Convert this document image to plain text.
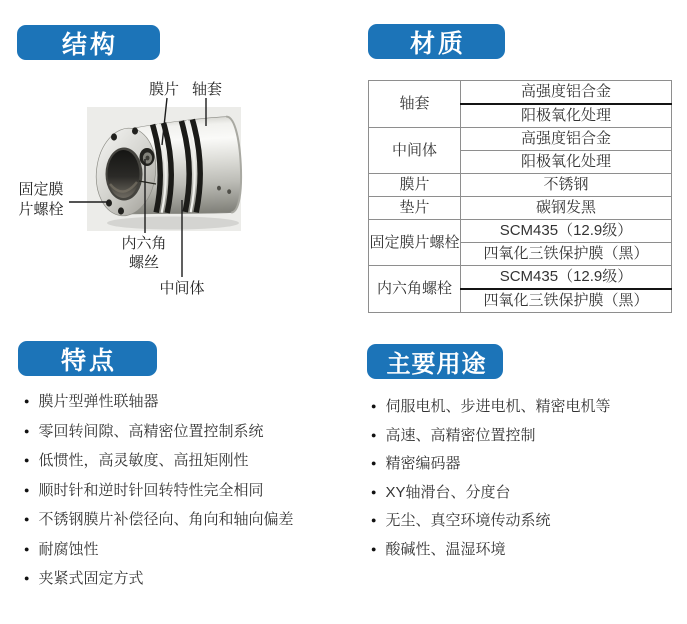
结构	材质
特点	主要用途
膜片 轴套
固定膜
片螺栓
内六角
螺丝
中间体
轴套	高强度铝合金
	阳极氧化处理
中间体	高强度铝合金
	阳极氧化处理
膜片	不锈钢
垫片	碳钢发黑
固定膜片螺栓	SCM435（12.9级）
	四氧化三铁保护膜（黑）
内六角螺栓	SCM435（12.9级）
	四氧化三铁保护膜（黑）
● 膜片型弹性联轴器
● 零回转间隙、高精密位置控制系统
● 低惯性，高灵敏度、高扭矩刚性
● 顺时针和逆时针回转特性完全相同
● 不锈钢膜片补偿径向、角向和轴向偏差
● 耐腐蚀性
● 夹紧式固定方式
● 伺服电机、步进电机、精密电机等
● 高速、高精密位置控制
● 精密编码器
● XY轴滑台、分度台
● 无尘、真空环境传动系统
● 酸碱性、温湿环境
